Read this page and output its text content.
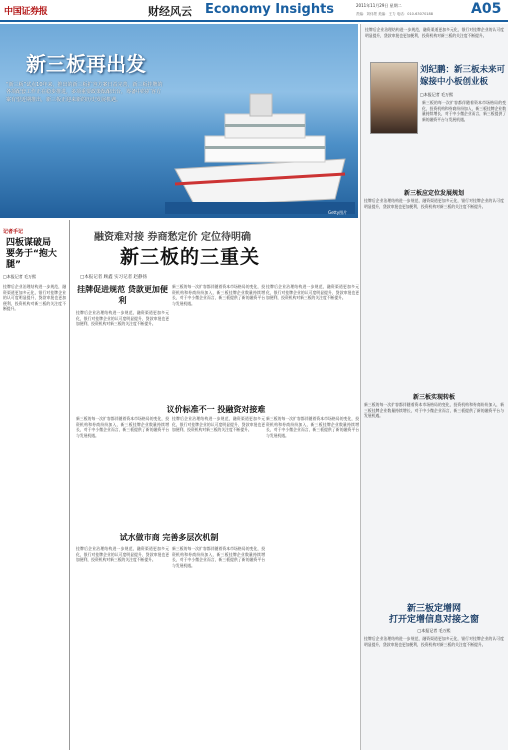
中国证券报	财经风云 Economy Insights	2011年11月29日 星期二
责编：刘伟景 美编：王力 电话：010-63070188	A05
新三板再出发
“新三板”试点10年来，推出的新三板扩容方案日益完善，新三板挂牌的各项配套工作正在稳步推进，多项重要政策酝酿出台，筹备中的扩容方案有望近期推出，新三板正迎来新的历史发展机遇。
Getty图片
记者手记
四板谋破局
要务于“抱大腿”
□本报记者 毛万熙
挂牌后企业治理结构进一步规范，融资渠道更加多元化，银行对挂牌企业的认可度明显提升，贷款审批也更加便利，投资机构对新三板的关注度不断提升。
融资难对接 券商愁定价 定位待明确
新三板的三重关
□本报记者 顾鑫 实习记者 赵静扬
挂牌促进规范 贷款更加便利
挂牌后企业治理结构进一步规范，融资渠道更加多元化，银行对挂牌企业的认可度明显提升，贷款审批也更加便利，投资机构对新三板的关注度不断提升。
新三板的每一次扩容都伴随着资本市场格局的变化，投资机构和券商纷纷加入，新三板挂牌企业数量持续增长，对于中小微企业而言，新三板提供了新的融资平台与发展机遇。
挂牌后企业治理结构进一步规范，融资渠道更加多元化，银行对挂牌企业的认可度明显提升，贷款审批也更加便利，投资机构对新三板的关注度不断提升。
议价标准不一 投融资对接难
新三板的每一次扩容都伴随着资本市场格局的变化，投资机构和券商纷纷加入，新三板挂牌企业数量持续增长，对于中小微企业而言，新三板提供了新的融资平台与发展机遇。
挂牌后企业治理结构进一步规范，融资渠道更加多元化，银行对挂牌企业的认可度明显提升，贷款审批也更加便利，投资机构对新三板的关注度不断提升。
新三板的每一次扩容都伴随着资本市场格局的变化，投资机构和券商纷纷加入，新三板挂牌企业数量持续增长，对于中小微企业而言，新三板提供了新的融资平台与发展机遇。
试水做市商 完善多层次机制
挂牌后企业治理结构进一步规范，融资渠道更加多元化，银行对挂牌企业的认可度明显提升，贷款审批也更加便利，投资机构对新三板的关注度不断提升。
新三板的每一次扩容都伴随着资本市场格局的变化，投资机构和券商纷纷加入，新三板挂牌企业数量持续增长，对于中小微企业而言，新三板提供了新的融资平台与发展机遇。
挂牌后企业治理结构进一步规范，融资渠道更加多元化，银行对挂牌企业的认可度明显提升，贷款审批也更加便利，投资机构对新三板的关注度不断提升。
刘纪鹏：新三板未来可
嫁接中小板创业板
□本报记者 毛万熙
新三板的每一次扩容都伴随着资本市场格局的变化，投资机构和券商纷纷加入，新三板挂牌企业数量持续增长，对于中小微企业而言，新三板提供了新的融资平台与发展机遇。
新三板应定位发展规划
挂牌后企业治理结构进一步规范，融资渠道更加多元化，银行对挂牌企业的认可度明显提升，贷款审批也更加便利，投资机构对新三板的关注度不断提升。
新三板实现转板
新三板的每一次扩容都伴随着资本市场格局的变化，投资机构和券商纷纷加入，新三板挂牌企业数量持续增长，对于中小微企业而言，新三板提供了新的融资平台与发展机遇。
新三板定增网
打开定增信息对接之窗
□本报记者 毛万熙
挂牌后企业治理结构进一步规范，融资渠道更加多元化，银行对挂牌企业的认可度明显提升，贷款审批也更加便利，投资机构对新三板的关注度不断提升。
